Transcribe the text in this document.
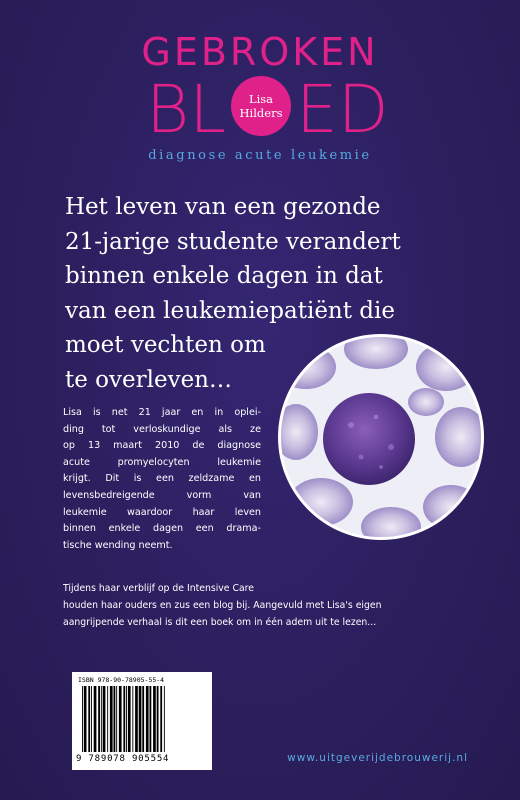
GEBROKEN
BL Lisa
Hilders ED
diagnose acute leukemie
Het leven van een gezonde
21-jarige studente verandert
binnen enkele dagen in dat
van een leukemiepatiënt die
moet vechten om
te overleven…
Lisa is net 21 jaar en in oplei-
ding tot verloskundige als ze
op 13 maart 2010 de diagnose
acute promyelocyten leukemie
krijgt. Dit is een zeldzame en
levensbedreigende vorm van
leukemie waardoor haar leven
binnen enkele dagen een drama-
tische wending neemt.
Tijdens haar verblijf op de Intensive Care
houden haar ouders en zus een blog bij. Aangevuld met Lisa's eigen
aangrijpende verhaal is dit een boek om in één adem uit te lezen...
ISBN 978-90-78905-55-4
9 789078 905554	www.uitgeverijdebrouwerij.nl
